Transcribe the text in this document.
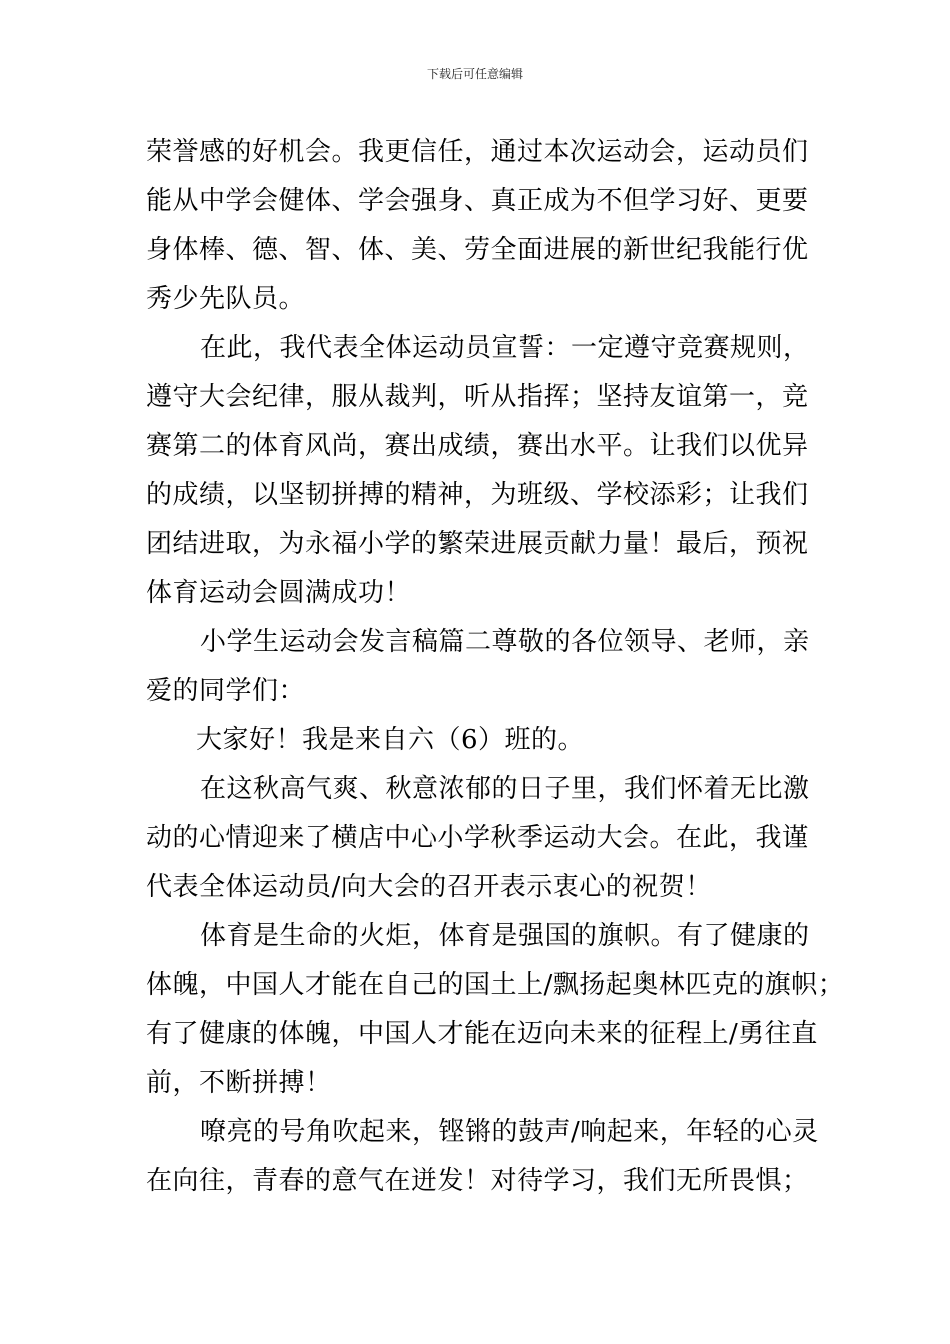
下载后可任意编辑
荣誉感的好机会。我更信任，通过本次运动会，运动员们
能从中学会健体、学会强身、真正成为不但学习好、更要
身体棒、德、智、体、美、劳全面进展的新世纪我能行优
秀少先队员。
在此，我代表全体运动员宣誓：一定遵守竞赛规则，
遵守大会纪律，服从裁判，听从指挥；坚持友谊第一，竞
赛第二的体育风尚，赛出成绩，赛出水平。让我们以优异
的成绩，以坚韧拼搏的精神，为班级、学校添彩；让我们
团结进取，为永福小学的繁荣进展贡献力量！最后，预祝
体育运动会圆满成功！
小学生运动会发言稿篇二尊敬的各位领导、老师，亲
爱的同学们：
大家好！我是来自六（6）班的。
在这秋高气爽、秋意浓郁的日子里，我们怀着无比激
动的心情迎来了横店中心小学秋季运动大会。在此，我谨
代表全体运动员/向大会的召开表示衷心的祝贺！
体育是生命的火炬，体育是强国的旗帜。有了健康的
体魄，中国人才能在自己的国土上/飘扬起奥林匹克的旗帜；
有了健康的体魄，中国人才能在迈向未来的征程上/勇往直
前，不断拼搏！
嘹亮的号角吹起来，铿锵的鼓声/响起来，年轻的心灵
在向往，青春的意气在迸发！对待学习，我们无所畏惧；
